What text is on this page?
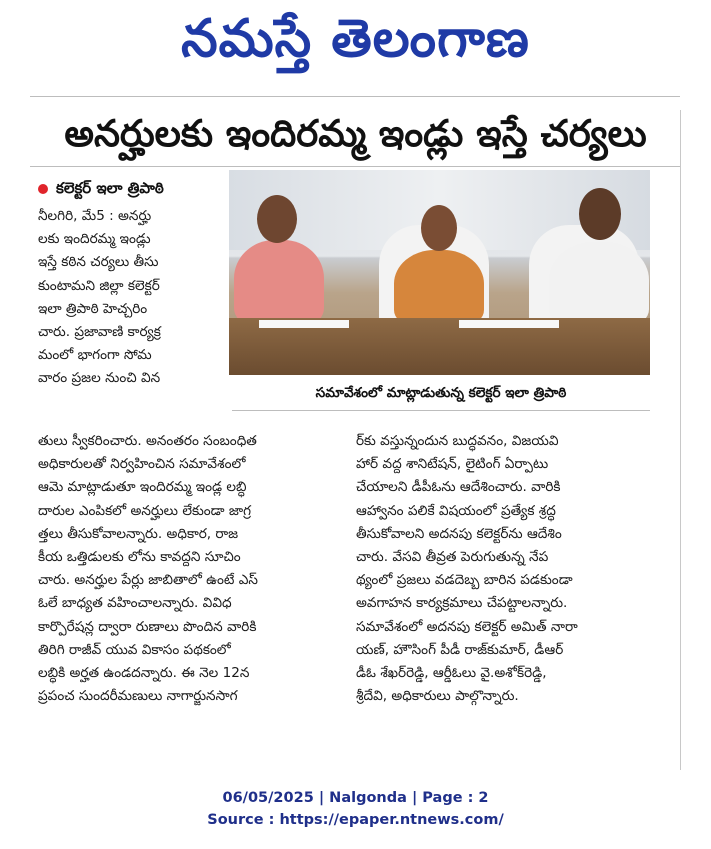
నమస్తే తెలంగాణ
అనర్హులకు ఇందిరమ్మ ఇండ్లు ఇస్తే చర్యలు
కలెక్టర్ ఇలా త్రిపాఠి
నీలగిరి, మే5 : అనర్హు
లకు ఇందిరమ్మ ఇండ్లు
ఇస్తే కఠిన చర్యలు తీసు
కుంటామని జిల్లా కలెక్టర్
ఇలా త్రిపాఠి హెచ్చరిం
చారు. ప్రజావాణి కార్యక్ర
మంలో భాగంగా సోమ
వారం ప్రజల నుంచి విన
సమావేశంలో మాట్లాడుతున్న కలెక్టర్ ఇలా త్రిపాఠి
తులు స్వీకరించారు. అనంతరం సంబంధిత
అధికారులతో నిర్వహించిన సమావేశంలో
ఆమె మాట్లాడుతూ ఇందిరమ్మ ఇండ్ల లబ్ధి
దారుల ఎంపికలో అనర్హులు లేకుండా జాగ్ర
త్తలు తీసుకోవాలన్నారు. అధికార, రాజ
కీయ ఒత్తిడులకు లోను కావద్దని సూచిం
చారు. అనర్హుల పేర్లు జాబితాలో ఉంటే ఎస్
ఓలే బాధ్యత వహించాలన్నారు. వివిధ
కార్పొరేషన్ల ద్వారా రుణాలు పొందిన వారికి
తిరిగి రాజీవ్ యువ వికాసం పథకంలో
లబ్ధికి అర్హత ఉండదన్నారు. ఈ నెల 12న
ప్రపంచ సుందరీమణులు నాగార్జునసాగ
ర్‌కు వస్తున్నందున బుద్ధవనం, విజయవి
హార్ వద్ద శానిటేషన్, లైటింగ్ ఏర్పాటు
చేయాలని డీపీఓను ఆదేశించారు. వారికి
ఆహ్వానం పలికే విషయంలో ప్రత్యేక శ్రద్ధ
తీసుకోవాలని అదనపు కలెక్టర్‌ను ఆదేశిం
చారు. వేసవి తీవ్రత పెరుగుతున్న నేప
థ్యంలో ప్రజలు వడదెబ్బ బారిన పడకుండా
అవగాహన కార్యక్రమాలు చేపట్టాలన్నారు.
సమావేశంలో అదనపు కలెక్టర్ అమిత్ నారా
యణ్, హౌసింగ్ పీడీ రాజ్‌కుమార్, డీఆర్
డీఓ శేఖర్‌రెడ్డి, ఆర్డీఓలు వై.అశోక్‌రెడ్డి,
శ్రీదేవి, అధికారులు పాల్గొన్నారు.
06/05/2025 | Nalgonda | Page : 2
Source : https://epaper.ntnews.com/
